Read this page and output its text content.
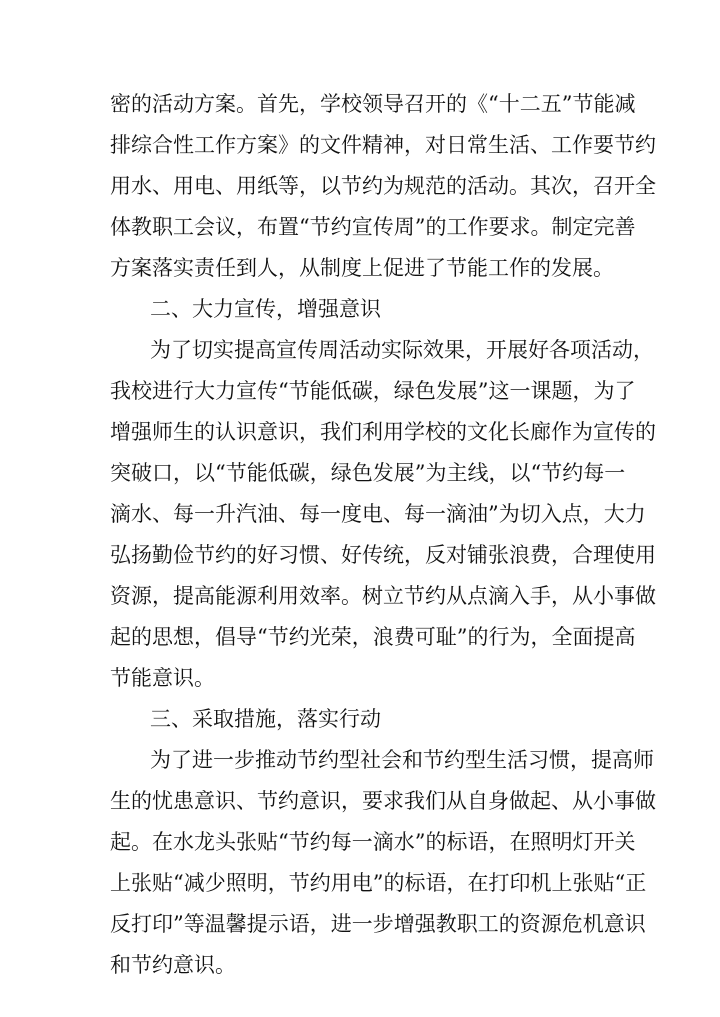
密的活动方案。首先，学校领导召开的《“十二五”节能减
排综合性工作方案》的文件精神，对日常生活、工作要节约
用水、用电、用纸等，以节约为规范的活动。其次，召开全
体教职工会议，布置“节约宣传周”的工作要求。制定完善
方案落实责任到人，从制度上促进了节能工作的发展。
二、大力宣传，增强意识
为了切实提高宣传周活动实际效果，开展好各项活动，
我校进行大力宣传“节能低碳，绿色发展”这一课题，为了
增强师生的认识意识，我们利用学校的文化长廊作为宣传的
突破口，以“节能低碳，绿色发展”为主线，以“节约每一
滴水、每一升汽油、每一度电、每一滴油”为切入点，大力
弘扬勤俭节约的好习惯、好传统，反对铺张浪费，合理使用
资源，提高能源利用效率。树立节约从点滴入手，从小事做
起的思想，倡导“节约光荣，浪费可耻”的行为，全面提高
节能意识。
三、采取措施，落实行动
为了进一步推动节约型社会和节约型生活习惯，提高师
生的忧患意识、节约意识，要求我们从自身做起、从小事做
起。在水龙头张贴“节约每一滴水”的标语，在照明灯开关
上张贴“减少照明，节约用电”的标语，在打印机上张贴“正
反打印”等温馨提示语，进一步增强教职工的资源危机意识
和节约意识。
